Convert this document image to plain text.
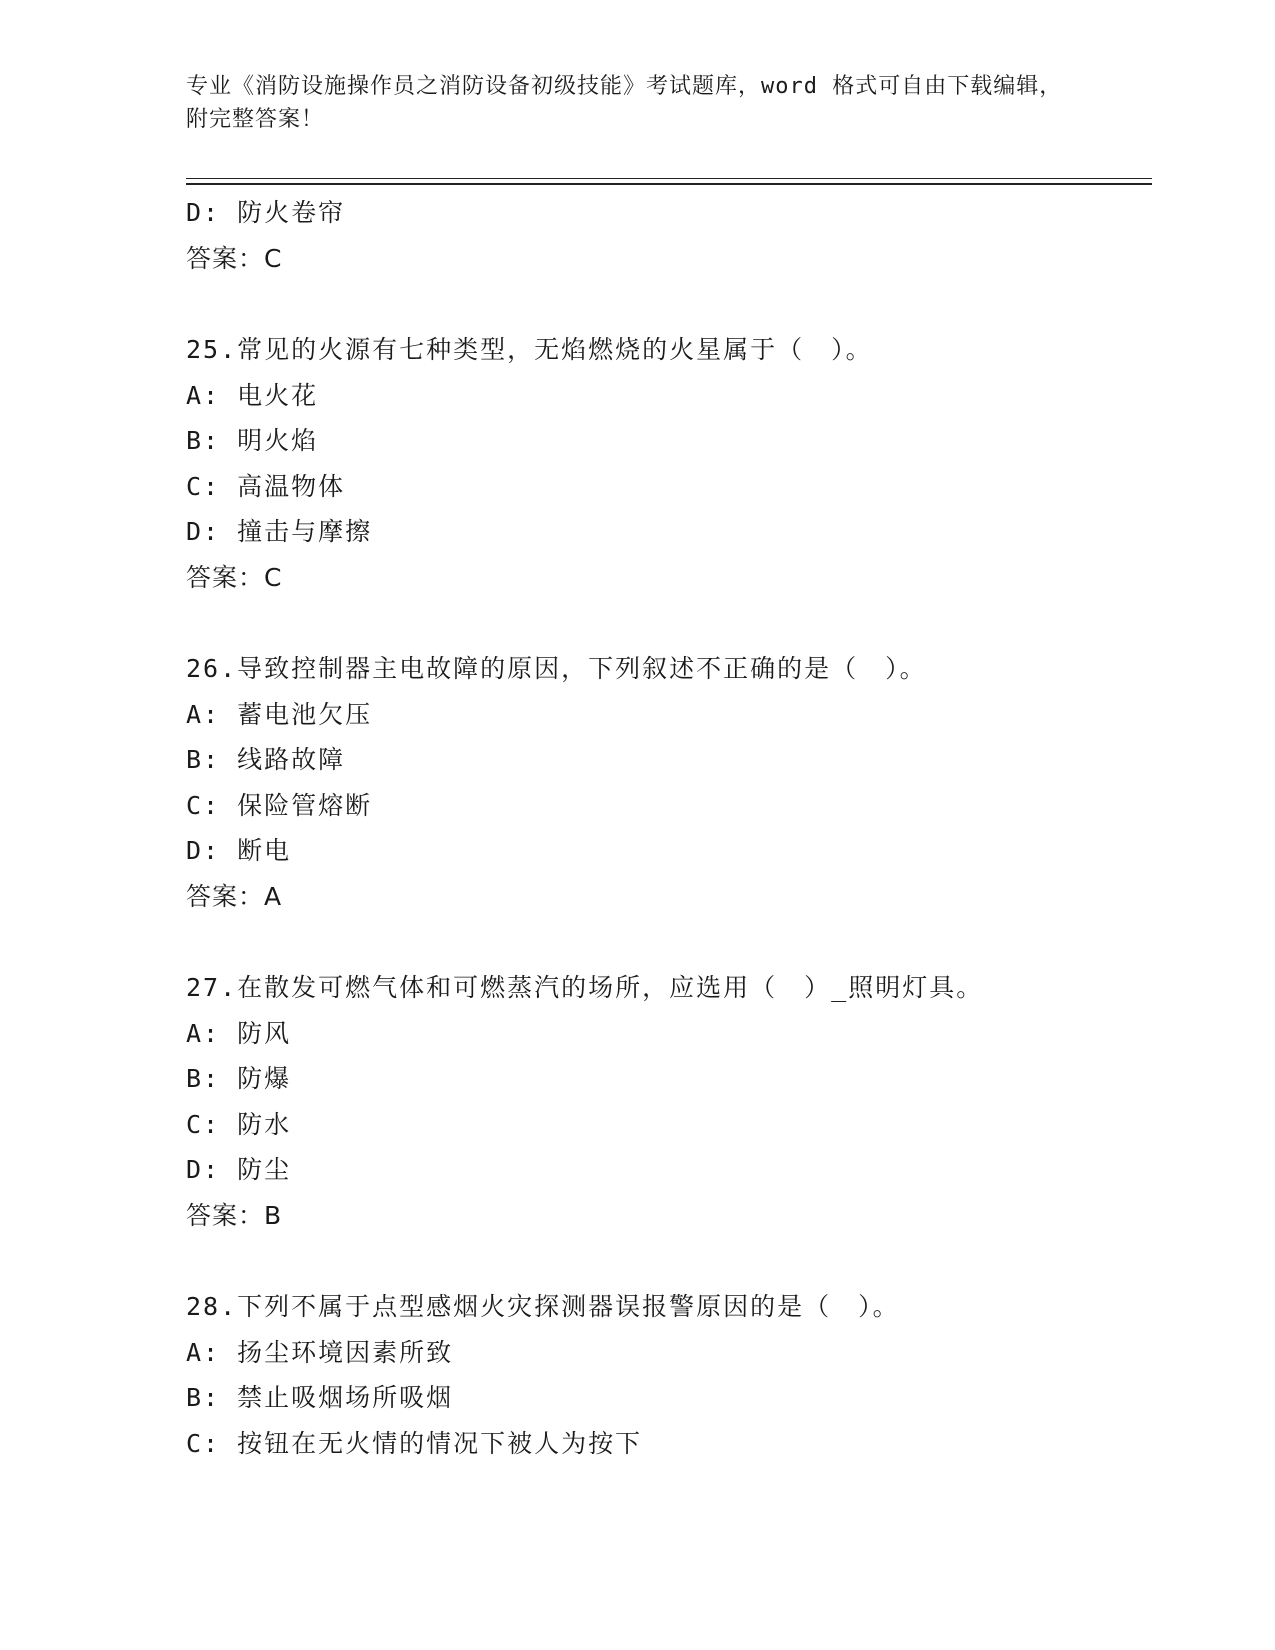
专业《消防设施操作员之消防设备初级技能》考试题库，word 格式可自由下载编辑，附完整答案！
D: 防火卷帘
答案：C
25.常见的火源有七种类型，无焰燃烧的火星属于（　）。
A: 电火花
B: 明火焰
C: 高温物体
D: 撞击与摩擦
答案：C
26.导致控制器主电故障的原因，下列叙述不正确的是（　）。
A: 蓄电池欠压
B: 线路故障
C: 保险管熔断
D: 断电
答案：A
27.在散发可燃气体和可燃蒸汽的场所，应选用（　）_照明灯具。
A: 防风
B: 防爆
C: 防水
D: 防尘
答案：B
28.下列不属于点型感烟火灾探测器误报警原因的是（　）。
A: 扬尘环境因素所致
B: 禁止吸烟场所吸烟
C: 按钮在无火情的情况下被人为按下
